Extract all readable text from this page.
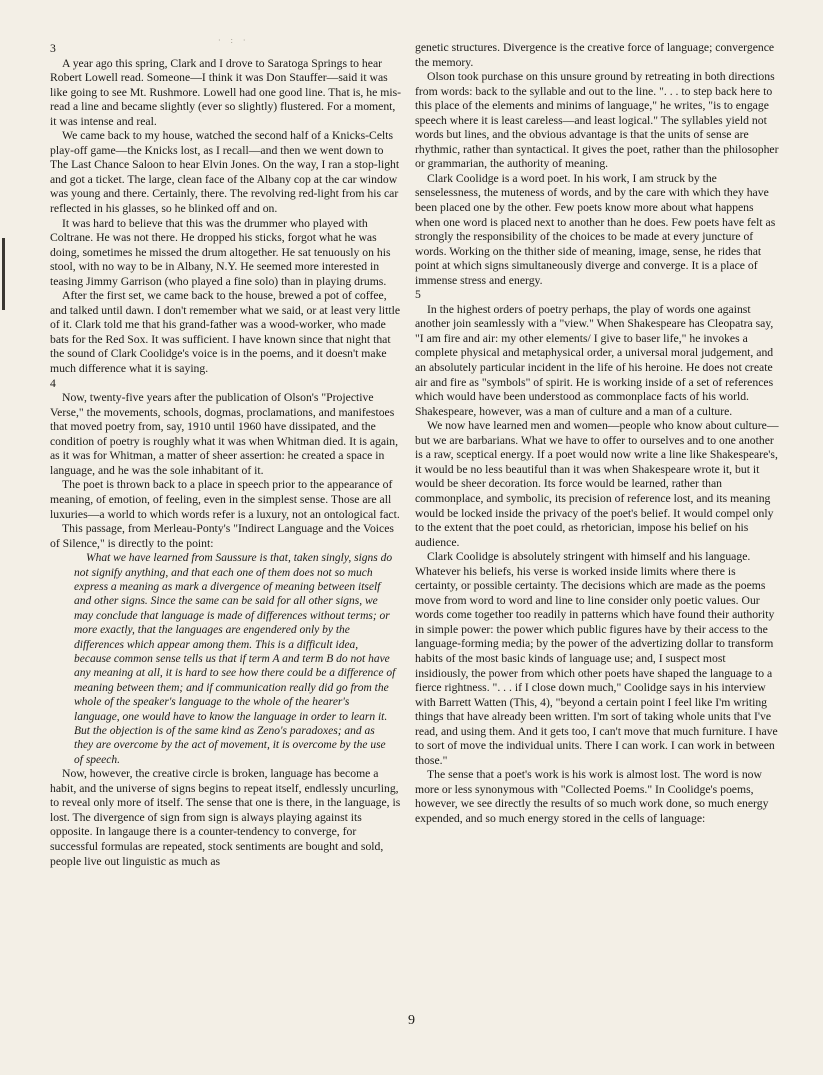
· : ·

3

A year ago this spring, Clark and I drove to Saratoga Springs to hear Robert Lowell read. Someone—I think it was Don Stauffer—said it was like going to see Mt. Rushmore. Lowell had one good line. That is, he mis-read a line and became slightly (ever so slightly) flustered. For a moment, it was intense and real.

We came back to my house, watched the second half of a Knicks-Celts play-off game—the Knicks lost, as I recall—and then we went down to The Last Chance Saloon to hear Elvin Jones. On the way, I ran a stop-light and got a ticket. The large, clean face of the Albany cop at the car window was young and there. Certainly, there. The revolving red-light from his car reflected in his glasses, so he blinked off and on.

It was hard to believe that this was the drummer who played with Coltrane. He was not there. He dropped his sticks, forgot what he was doing, sometimes he missed the drum altogether. He sat tenuously on his stool, with no way to be in Albany, N.Y. He seemed more interested in teasing Jimmy Garrison (who played a fine solo) than in playing drums.

After the first set, we came back to the house, brewed a pot of coffee, and talked until dawn. I don't remember what we said, or at least very little of it. Clark told me that his grand-father was a wood-worker, who made bats for the Red Sox. It was sufficient. I have known since that night that the sound of Clark Coolidge's voice is in the poems, and it doesn't make much difference what it is saying.

4

Now, twenty-five years after the publication of Olson's "Projective Verse," the movements, schools, dogmas, proclamations, and manifestoes that moved poetry from, say, 1910 until 1960 have dissipated, and the condition of poetry is roughly what it was when Whitman died. It is again, as it was for Whitman, a matter of sheer assertion: he created a space in language, and he was the sole inhabitant of it.

The poet is thrown back to a place in speech prior to the appearance of meaning, of emotion, of feeling, even in the simplest sense. Those are all luxuries—a world to which words refer is a luxury, not an ontological fact.

This passage, from Merleau-Ponty's "Indirect Language and the Voices of Silence," is directly to the point:

What we have learned from Saussure is that, taken singly, signs do not signify anything, and that each one of them does not so much express a meaning as mark a divergence of meaning between itself and other signs. Since the same can be said for all other signs, we may conclude that language is made of differences without terms; or more exactly, that the languages are engendered only by the differences which appear among them. This is a difficult idea, because common sense tells us that if term A and term B do not have any meaning at all, it is hard to see how there could be a difference of meaning between them; and if communication really did go from the whole of the speaker's language to the whole of the hearer's language, one would have to know the language in order to learn it. But the objection is of the same kind as Zeno's paradoxes; and as they are overcome by the act of movement, it is overcome by the use of speech.

Now, however, the creative circle is broken, language has become a habit, and the universe of signs begins to repeat itself, endlessly uncurling, to reveal only more of itself. The sense that one is there, in the language, is lost. The divergence of sign from sign is always playing against its opposite. In langauge there is a counter-tendency to converge, for successful formulas are repeated, stock sentiments are bought and sold, people live out linguistic as much as

genetic structures. Divergence is the creative force of language; convergence the memory.

Olson took purchase on this unsure ground by retreating in both directions from words: back to the syllable and out to the line. ". . . to step back here to this place of the elements and minims of language," he writes, "is to engage speech where it is least careless—and least logical." The syllables yield not words but lines, and the obvious advantage is that the units of sense are rhythmic, rather than syntactical. It gives the poet, rather than the philosopher or grammarian, the authority of meaning.

Clark Coolidge is a word poet. In his work, I am struck by the senselessness, the muteness of words, and by the care with which they have been placed one by the other. Few poets know more about what happens when one word is placed next to another than he does. Few poets have felt as strongly the responsibility of the choices to be made at every juncture of words. Working on the thither side of meaning, image, sense, he rides that point at which signs simultaneously diverge and converge. It is a place of immense stress and energy.

5

In the highest orders of poetry perhaps, the play of words one against another join seamlessly with a "view." When Shakespeare has Cleopatra say, "I am fire and air: my other elements/ I give to baser life," he invokes a complete physical and metaphysical order, a universal moral judgement, and an absolutely particular incident in the life of his heroine. He does not create air and fire as "symbols" of spirit. He is working inside of a set of references which would have been understood as commonplace facts of his world. Shakespeare, however, was a man of culture and a man of a culture.

We now have learned men and women—people who know about culture—but we are barbarians. What we have to offer to ourselves and to one another is a raw, sceptical energy. If a poet would now write a line like Shakespeare's, it would be no less beautiful than it was when Shakespeare wrote it, but it would be sheer decoration. Its force would be learned, rather than commonplace, and symbolic, its precision of reference lost, and its meaning would be locked inside the privacy of the poet's belief. It would compel only to the extent that the poet could, as rhetorician, impose his belief on his audience.

Clark Coolidge is absolutely stringent with himself and his language. Whatever his beliefs, his verse is worked inside limits where there is certainty, or possible certainty. The decisions which are made as the poems move from word to word and line to line consider only poetic values. Our words come together too readily in patterns which have found their authority in simple power: the power which public figures have by their access to the language-forming media; by the power of the advertizing dollar to transform habits of the most basic kinds of language use; and, I suspect most insidiously, the power from which other poets have shaped the language to a fierce rightness. ". . . if I close down much," Coolidge says in his interview with Barrett Watten (This, 4), "beyond a certain point I feel like I'm writing things that have already been written. I'm sort of taking whole units that I've read, and using them. And it gets too, I can't move that much furniture. I have to sort of move the individual units. There I can work. I can work in between those."

The sense that a poet's work is his work is almost lost. The word is now more or less synonymous with "Collected Poems." In Coolidge's poems, however, we see directly the results of so much work done, so much energy expended, and so much energy stored in the cells of language:

9
